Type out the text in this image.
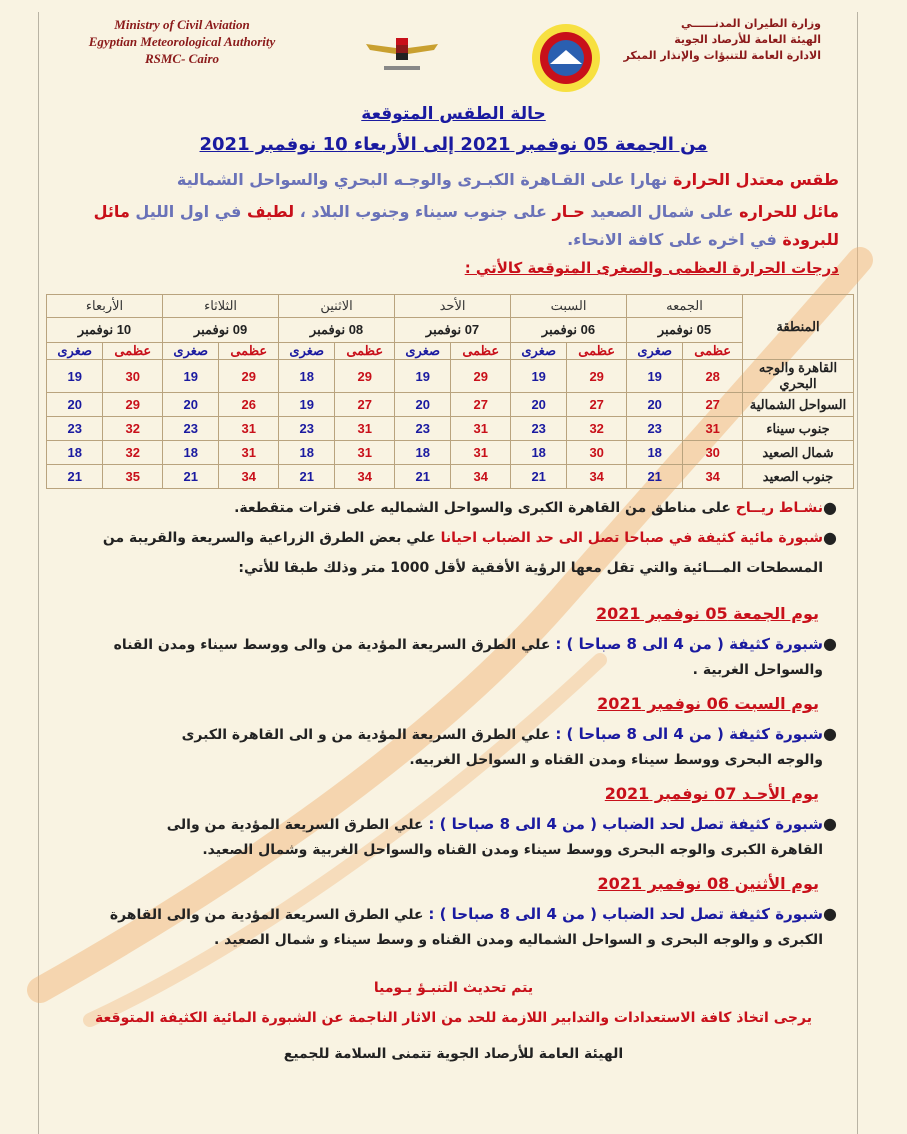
Ministry of Civil Aviation
Egyptian Meteorological Authority
RSMC- Cairo
وزارة الطيران المدنــــــي
الهيئة العامة للأرصاد الجوية
الادارة العامة للتنبؤات والإنذار المبكر
حالة الطقس المتوقعة
من الجمعة 05 نوفمبر 2021 إلى الأربعاء 10 نوفمبر 2021
طقس معتدل الحرارة نهارا على القـاهرة الكبـرى والوجـه البحري والسواحل الشمالية
مائل للحراره على شمال الصعيد حـار على جنوب سيناء وجنوب البلاد ، لطيف في اول الليل مائل
للبرودة في اخره على كافة الانحاء.
درجات الحرارة العظمى والصغرى المتوقعة كالأتي :
المنطقة	الجمعه		السبت		الأحد		الاثنين		الثلاثاء		الأربعاء	
	05 نوفمبر		06 نوفمبر		07 نوفمبر		08 نوفمبر		09 نوفمبر		10 نوفمبر	
	عظمى	صغرى	عظمى	صغرى	عظمى	صغرى	عظمى	صغرى	عظمى	صغرى	عظمى	صغرى
القاهرة والوجه البحري	28	19	29	19	29	19	29	18	29	19	30	19
السواحل الشمالية	27	20	27	20	27	20	27	19	26	20	29	20
جنوب سيناء	31	23	32	23	31	23	31	23	31	23	32	23
شمال الصعيد	30	18	30	18	31	18	31	18	31	18	32	18
جنوب الصعيد	34	21	34	21	34	21	34	21	34	21	35	21
●
نشـاط ريــاح على مناطق من القاهرة الكبرى والسواحل الشماليه على فترات متقطعة.
●
شبورة مائية كثيفة في صباحا تصل الى حد الضباب احيانا علي بعض الطرق الزراعية والسريعة والقريبة من
المسطحات المـــائية والتي تقل معها الرؤية الأفقية لأقل 1000 متر وذلك طبقا للأتي:
يوم الجمعة 05 نوفمبر 2021
●
شبورة كثيفة ( من 4 الى 8 صباحا ) : علي الطرق السريعة المؤدية من والى ووسط سيناء ومدن القناه
والسواحل الغربية .
يوم السبت 06 نوفمبر 2021
●
شبورة كثيفة ( من 4 الى 8 صباحا ) : علي الطرق السريعة المؤدية من و الى القاهرة الكبرى
والوجه البحرى ووسط سيناء ومدن القناه و السواحل الغربيه.
يوم الأحـد 07 نوفمبر 2021
●
شبورة كثيفة تصل لحد الضباب ( من 4 الى 8 صباحا ) : علي الطرق السريعة المؤدية من والى
القاهرة الكبرى والوجه البحرى ووسط سيناء ومدن القناه والسواحل الغربية وشمال الصعيد.
يوم الأثنين 08 نوفمبر 2021
●
شبورة كثيفة تصل لحد الضباب ( من 4 الى 8 صباحا ) : علي الطرق السريعة المؤدية من والى القاهرة
الكبرى و والوجه البحرى و السواحل الشماليه ومدن القناه و وسط سيناء و شمال الصعيد .
يتم تحديث التنبـؤ يـوميا
يرجى اتخاذ كافة الاستعدادات والتدابير اللازمة للحد من الاثار الناجمة عن الشبورة المائية الكثيفة المتوقعة
الهيئة العامة للأرصاد الجوية تتمنى السلامة للجميع
